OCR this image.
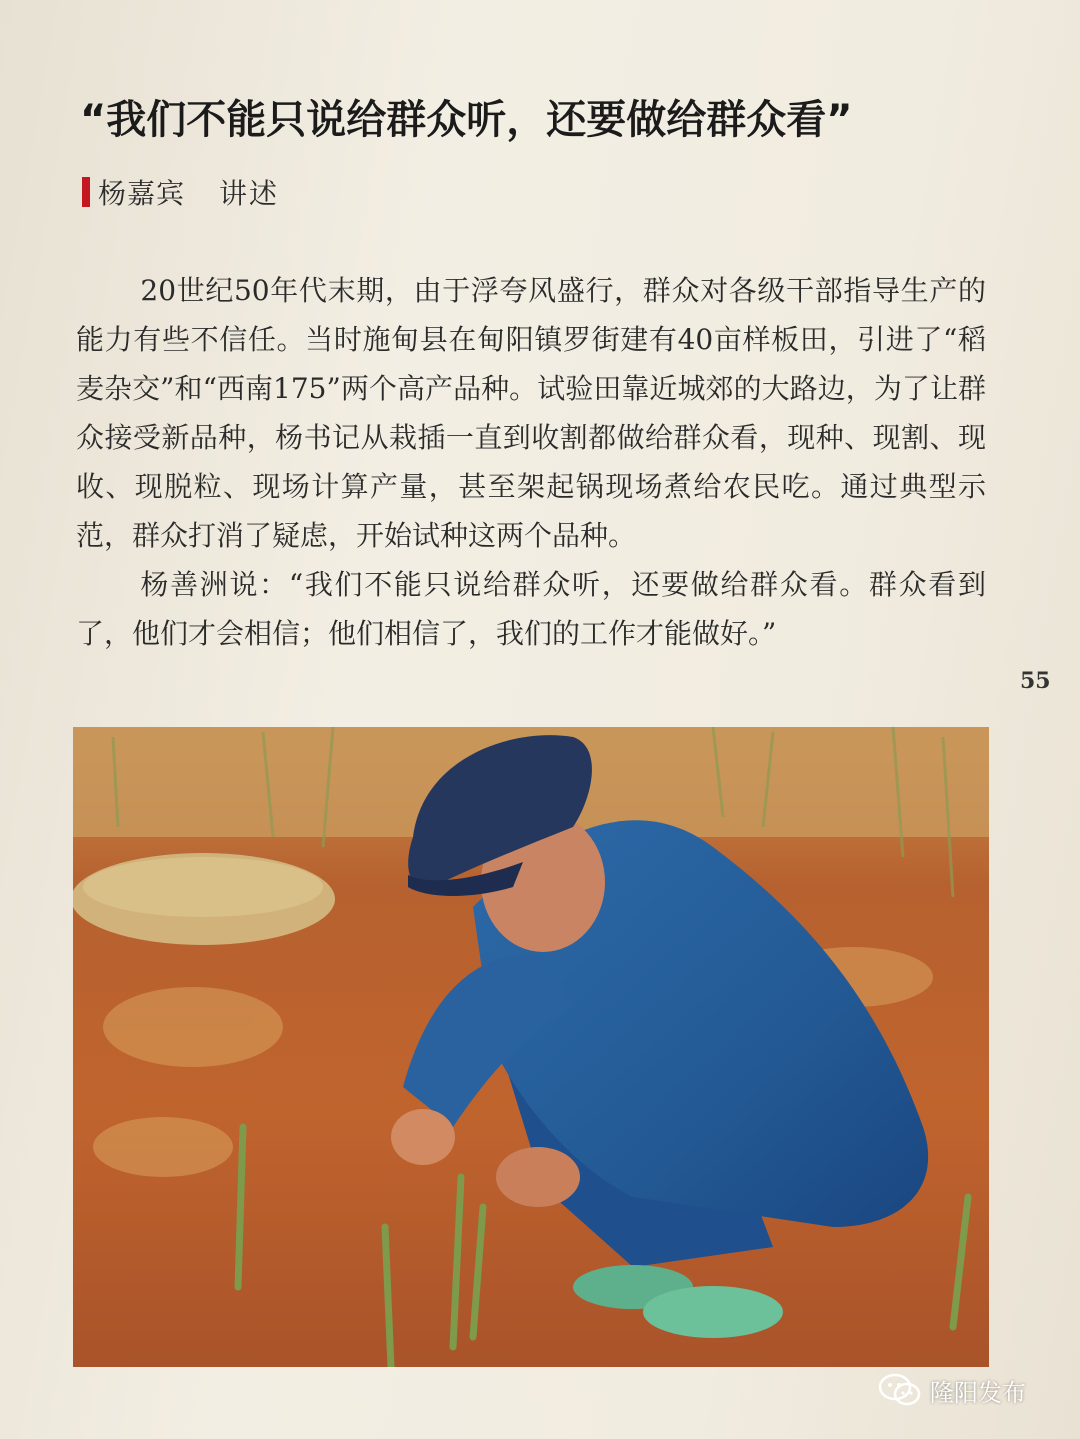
“我们不能只说给群众听，还要做给群众看”
杨嘉宾 讲述

20世纪50年代末期，由于浮夸风盛行，群众对各级干部指导生产的能力有些不信任。当时施甸县在甸阳镇罗街建有40亩样板田，引进了“稻麦杂交”和“西南175”两个高产品种。试验田靠近城郊的大路边，为了让群众接受新品种，杨书记从栽插一直到收割都做给群众看，现种、现割、现收、现脱粒、现场计算产量，甚至架起锅现场煮给农民吃。通过典型示范，群众打消了疑虑，开始试种这两个品种。

杨善洲说：“我们不能只说给群众听，还要做给群众看。群众看到了，他们才会相信；他们相信了，我们的工作才能做好。”

55
隆阳发布
